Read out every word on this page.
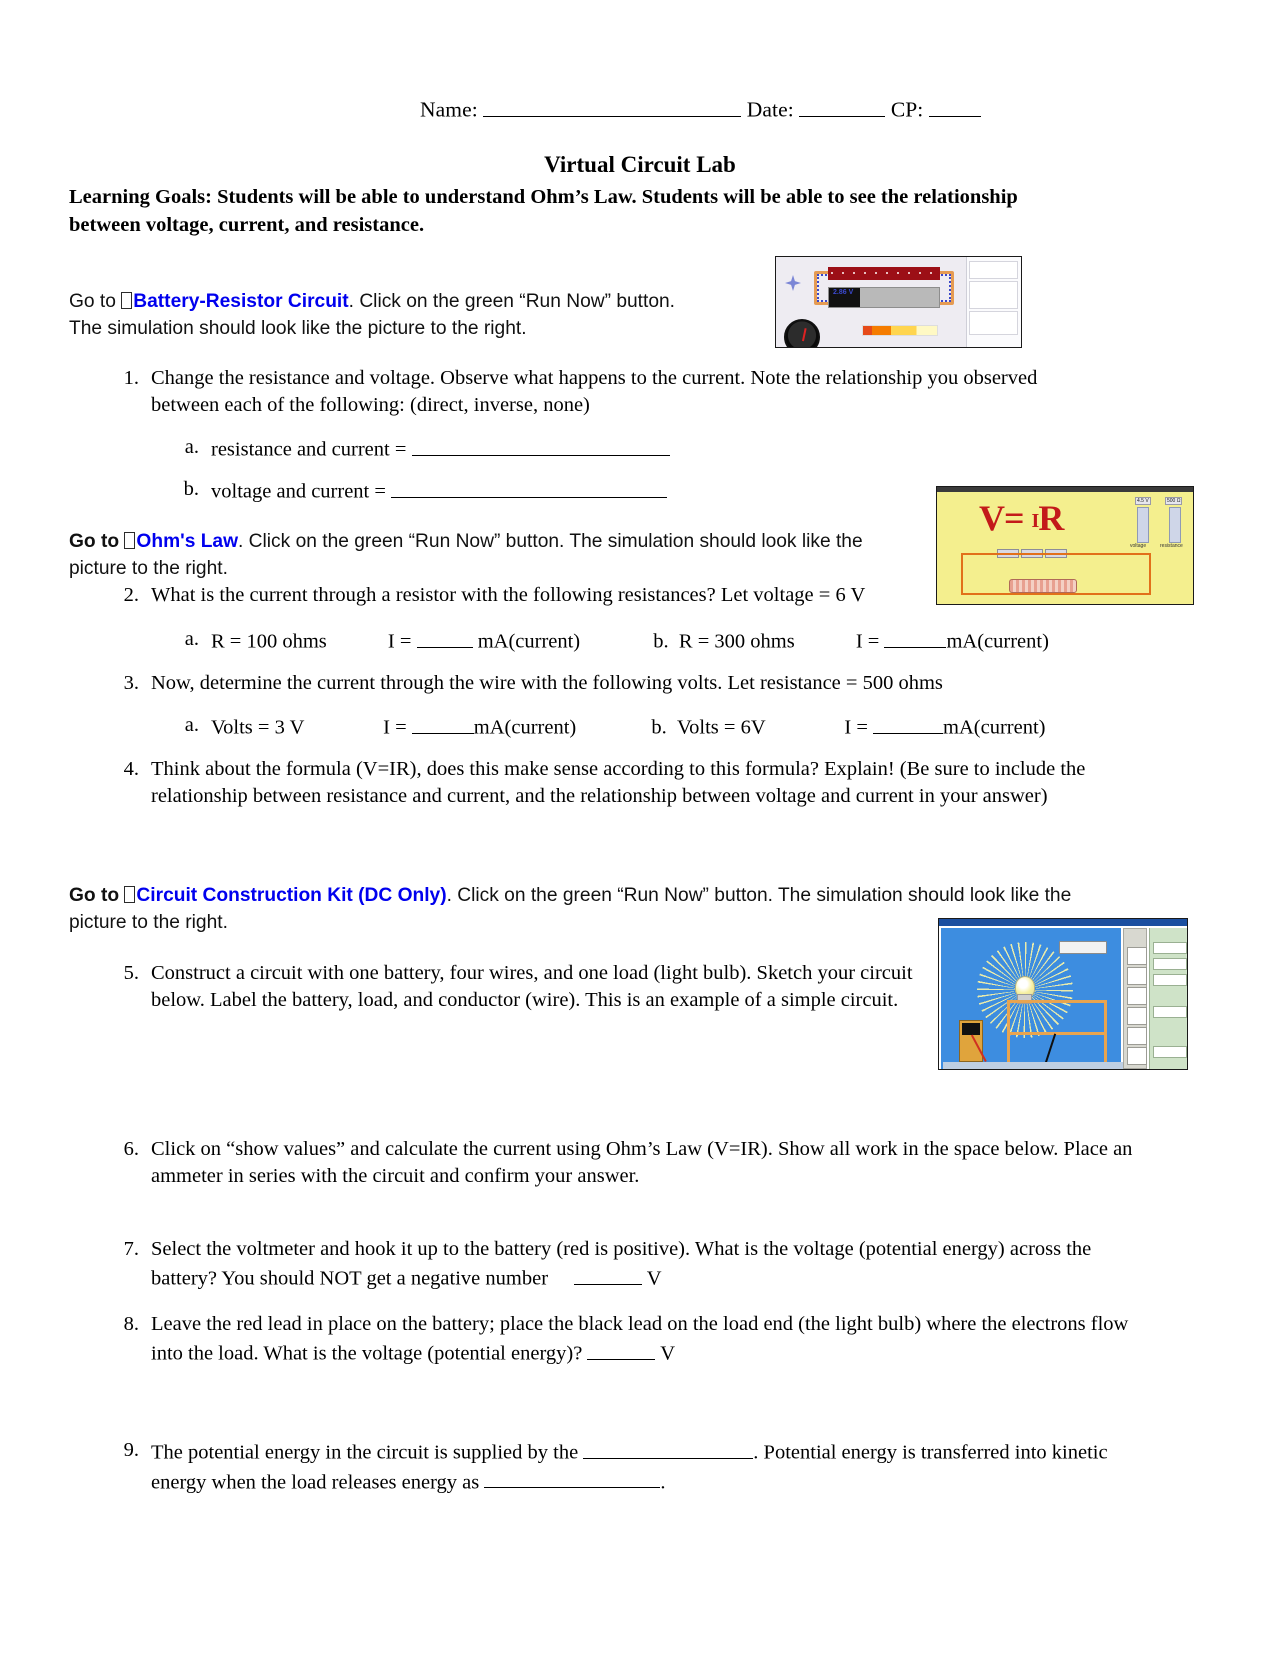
Name:	Date:	CP:
Virtual Circuit Lab
Learning Goals: Students will be able to understand Ohm’s Law. Students will be able to see the relationship between voltage, current, and resistance.
Go to Battery-Resistor Circuit. Click on the green “Run Now” button.
The simulation should look like the picture to the right.
2.86 V
1. Change the resistance and voltage. Observe what happens to the current. Note the relationship you observed between each of the following: (direct, inverse, none)
a. resistance and current =
b. voltage and current =
Go to Ohm's Law. Click on the green “Run Now” button. The simulation should look like the
picture to the right.
V= IR	4.5 V	500 Ω
voltage	resistance
2. What is the current through a resistor with the following resistances? Let voltage = 6 V
a. R = 100 ohms	I =	mA(current)	b. R = 300 ohms	I =	mA(current)
3. Now, determine the current through the wire with the following volts. Let resistance = 500 ohms
a. Volts = 3 V	I =	mA(current)	b. Volts = 6V	I =	mA(current)
4. Think about the formula (V=IR), does this make sense according to this formula? Explain! (Be sure to include the relationship between resistance and current, and the relationship between voltage and current in your answer)
Go to Circuit Construction Kit (DC Only). Click on the green “Run Now” button. The simulation should look like the
picture to the right.
5. Construct a circuit with one battery, four wires, and one load (light bulb). Sketch your circuit below. Label the battery, load, and conductor (wire). This is an example of a simple circuit.
6. Click on “show values” and calculate the current using Ohm’s Law (V=IR). Show all work in the space below. Place an ammeter in series with the circuit and confirm your answer.
7. Select the voltmeter and hook it up to the battery (red is positive). What is the voltage (potential energy) across the battery? You should NOT get a negative number	V
8. Leave the red lead in place on the battery; place the black lead on the load end (the light bulb) where the electrons flow into the load. What is the voltage (potential energy)?	V
9. The potential energy in the circuit is supplied by the	. Potential energy is transferred into kinetic energy when the load releases energy as	.
